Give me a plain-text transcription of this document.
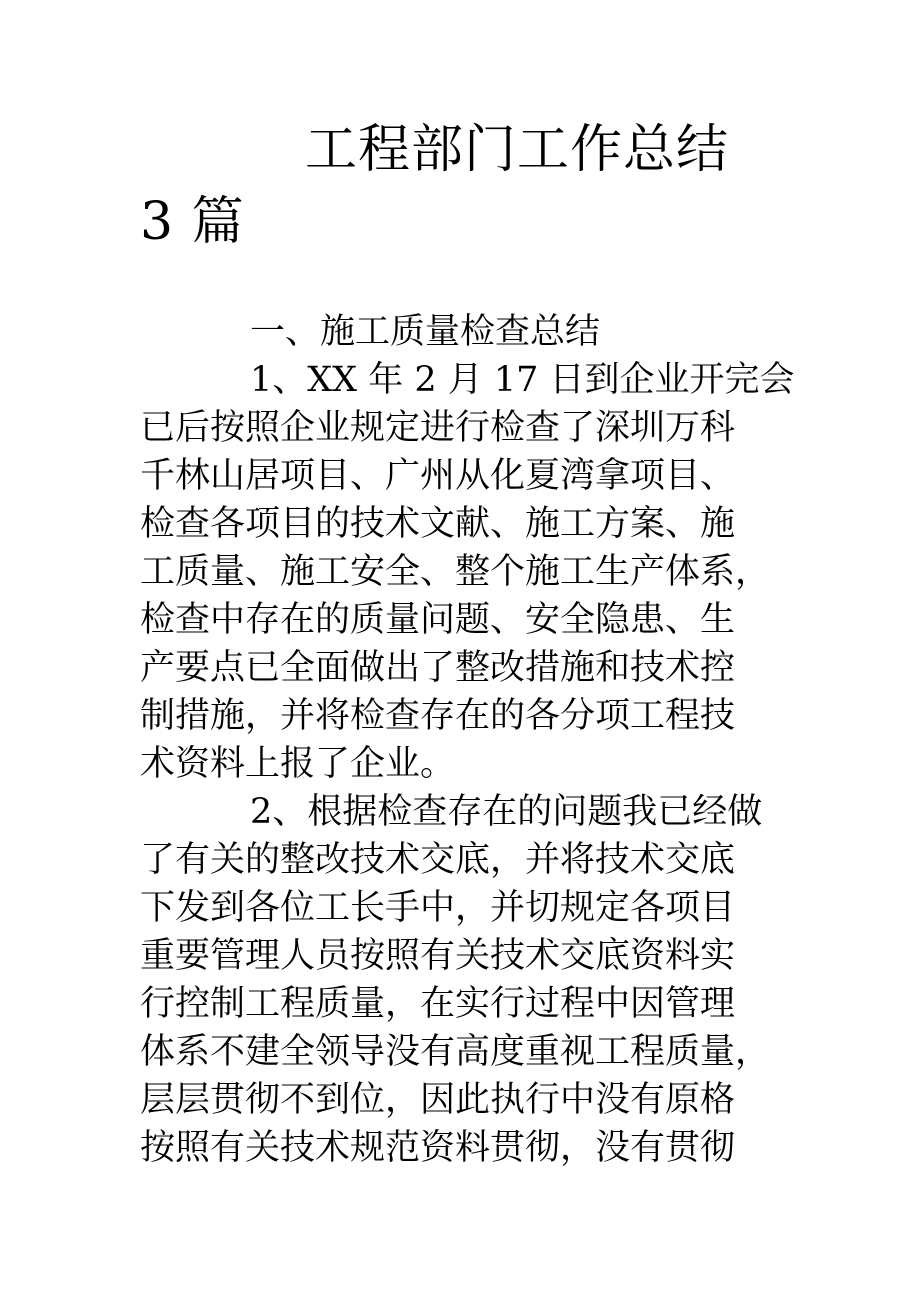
工程部门工作总结
3 篇
一、施工质量检查总结
1、XX 年 2 月 17 日到企业开完会
已后按照企业规定进行检查了深圳万科
千林山居项目、广州从化夏湾拿项目、
检查各项目的技术文献、施工方案、施
工质量、施工安全、整个施工生产体系，
检查中存在的质量问题、安全隐患、生
产要点已全面做出了整改措施和技术控
制措施，并将检查存在的各分项工程技
术资料上报了企业。
2、根据检查存在的问题我已经做
了有关的整改技术交底，并将技术交底
下发到各位工长手中，并切规定各项目
重要管理人员按照有关技术交底资料实
行控制工程质量，在实行过程中因管理
体系不建全领导没有高度重视工程质量，
层层贯彻不到位，因此执行中没有原格
按照有关技术规范资料贯彻，没有贯彻
